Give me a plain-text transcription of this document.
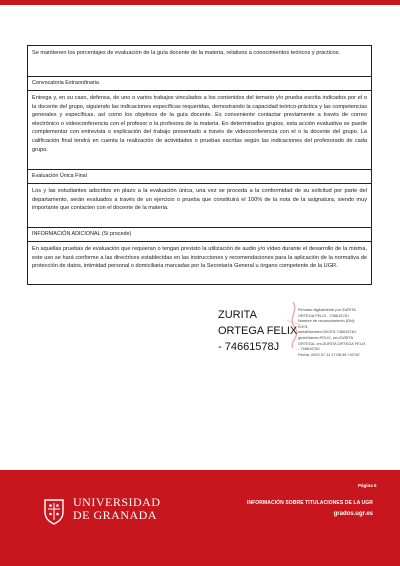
Se mantienen los porcentajes de evaluación de la guía docente de la materia, relativos a conocimientos teóricos y prácticos.
Convocatoria Extraordinaria
Entrega y, en su caso, defensa, de uno o varios trabajos vinculados a los contenidos del temario y/o prueba escrita indicados por el o la docente del grupo, siguiendo las indicaciones específicas requeridas, demostrando la capacidad teórico-práctica y las competencias generales y específicas, así como los objetivos de la guía docente. Es conveniente contactar previamente a través de correo electrónico o videoconferencia con el profesor o la profesora de la materia. En determinados grupos, esta acción evaluativa se puede complementar con entrevista o explicación del trabajo presentado a través de videoconferencia con el o la docente del grupo. La calificación final tendrá en cuenta la realización de actividades o pruebas escritas según las indicaciones del profesorado de cada grupo.
Evaluación Única Final
Los y las estudiantes adscritos en plazo a la evaluación única, una vez se proceda a la conformidad de su solicitud por parte del departamento, serán evaluados a través de un ejercicio o prueba que constituirá el 100% de la nota de la asignatura, siendo muy importante que contacten con el docente de la materia.
INFORMACIÓN ADICIONAL (Si procede)
En aquellas pruebas de evaluación que requieran o tengan previsto la utilización de audio y/o vídeo durante el desarrollo de la misma, este uso se hará conforme a las directrices establecidas en las instrucciones y recomendaciones para la aplicación de la normativa de protección de datos, intimidad personal o domiciliaria marcadas por la Secretaría General u órgano competente de la UGR.
ZURITA
ORTEGA FELIX
- 74661578J
Firmado digitalmente por ZURITA
ORTEGA FELIX - 74661578J
Nombre de reconocimiento (DN):
c=ES,
serialNumber=IDCES-74661578J,
givenName=FELIX, sn=ZURITA
ORTEGA, cn=ZURITA ORTEGA FELIX
- 74661578J
Fecha: 2020.07.11 17:08:36 +02'00'
UNIVERSIDAD
DE GRANADA
Página 6
INFORMACIÓN SOBRE TITULACIONES DE LA UGR
grados.ugr.es
